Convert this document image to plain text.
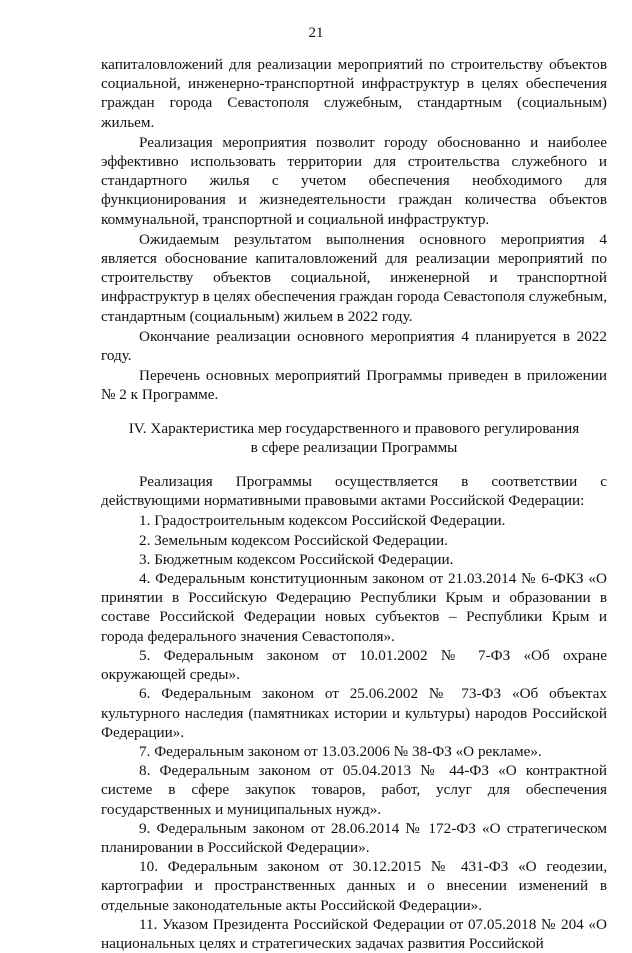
21

капиталовложений для реализации мероприятий по строительству объектов социальной, инженерно-транспортной инфраструктур в целях обеспечения граждан города Севастополя служебным, стандартным (социальным) жильем.

Реализация мероприятия позволит городу обоснованно и наиболее эффективно использовать территории для строительства служебного и стандартного жилья с учетом обеспечения необходимого для функционирования и жизнедеятельности граждан количества объектов коммунальной, транспортной и социальной инфраструктур.

Ожидаемым результатом выполнения основного мероприятия 4 является обоснование капиталовложений для реализации мероприятий по строительству объектов социальной, инженерной и транспортной инфраструктур в целях обеспечения граждан города Севастополя служебным, стандартным (социальным) жильем в 2022 году.

Окончание реализации основного мероприятия 4 планируется в 2022 году.

Перечень основных мероприятий Программы приведен в приложении № 2 к Программе.

IV. Характеристика мер государственного и правового регулирования
в сфере реализации Программы

Реализация Программы осуществляется в соответствии с действующими нормативными правовыми актами Российской Федерации:

1. Градостроительным кодексом Российской Федерации.

2. Земельным кодексом Российской Федерации.

3. Бюджетным кодексом Российской Федерации.

4. Федеральным конституционным законом от 21.03.2014 № 6-ФКЗ «О принятии в Российскую Федерацию Республики Крым и образовании в составе Российской Федерации новых субъектов – Республики Крым и города федерального значения Севастополя».

5. Федеральным законом от 10.01.2002 № 7-ФЗ «Об охране окружающей среды».

6. Федеральным законом от 25.06.2002 № 73-ФЗ «Об объектах культурного наследия (памятниках истории и культуры) народов Российской Федерации».

7. Федеральным законом от 13.03.2006 № 38-ФЗ «О рекламе».

8. Федеральным законом от 05.04.2013 № 44-ФЗ «О контрактной системе в сфере закупок товаров, работ, услуг для обеспечения государственных и муниципальных нужд».

9. Федеральным законом от 28.06.2014 № 172-ФЗ «О стратегическом планировании в Российской Федерации».

10. Федеральным законом от 30.12.2015 № 431-ФЗ «О геодезии, картографии и пространственных данных и о внесении изменений в отдельные законодательные акты Российской Федерации».

11. Указом Президента Российской Федерации от 07.05.2018 № 204 «О национальных целях и стратегических задачах развития Российской
